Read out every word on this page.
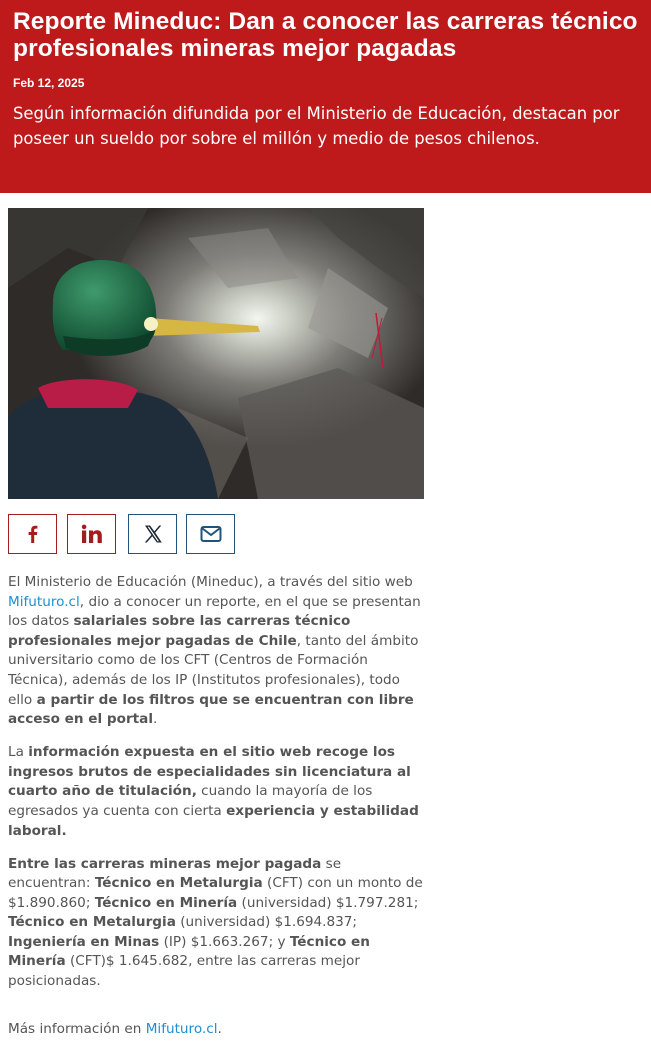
Reporte Mineduc: Dan a conocer las carreras técnico profesionales mineras mejor pagadas
Feb 12, 2025
Según información difundida por el Ministerio de Educación, destacan por poseer un sueldo por sobre el millón y medio de pesos chilenos.

El Ministerio de Educación (Mineduc), a través del sitio web Mifuturo.cl, dio a conocer un reporte, en el que se presentan los datos salariales sobre las carreras técnico profesionales mejor pagadas de Chile, tanto del ámbito universitario como de los CFT (Centros de Formación Técnica), además de los IP (Institutos profesionales), todo ello a partir de los filtros que se encuentran con libre acceso en el portal.

La información expuesta en el sitio web recoge los ingresos brutos de especialidades sin licenciatura al cuarto año de titulación, cuando la mayoría de los egresados ya cuenta con cierta experiencia y estabilidad laboral.

Entre las carreras mineras mejor pagada se encuentran: Técnico en Metalurgia (CFT) con un monto de $1.890.860; Técnico en Minería (universidad) $1.797.281; Técnico en Metalurgia (universidad) $1.694.837; Ingeniería en Minas (IP) $1.663.267; y Técnico en Minería (CFT)$ 1.645.682, entre las carreras mejor posicionadas.

Más información en Mifuturo.cl.
